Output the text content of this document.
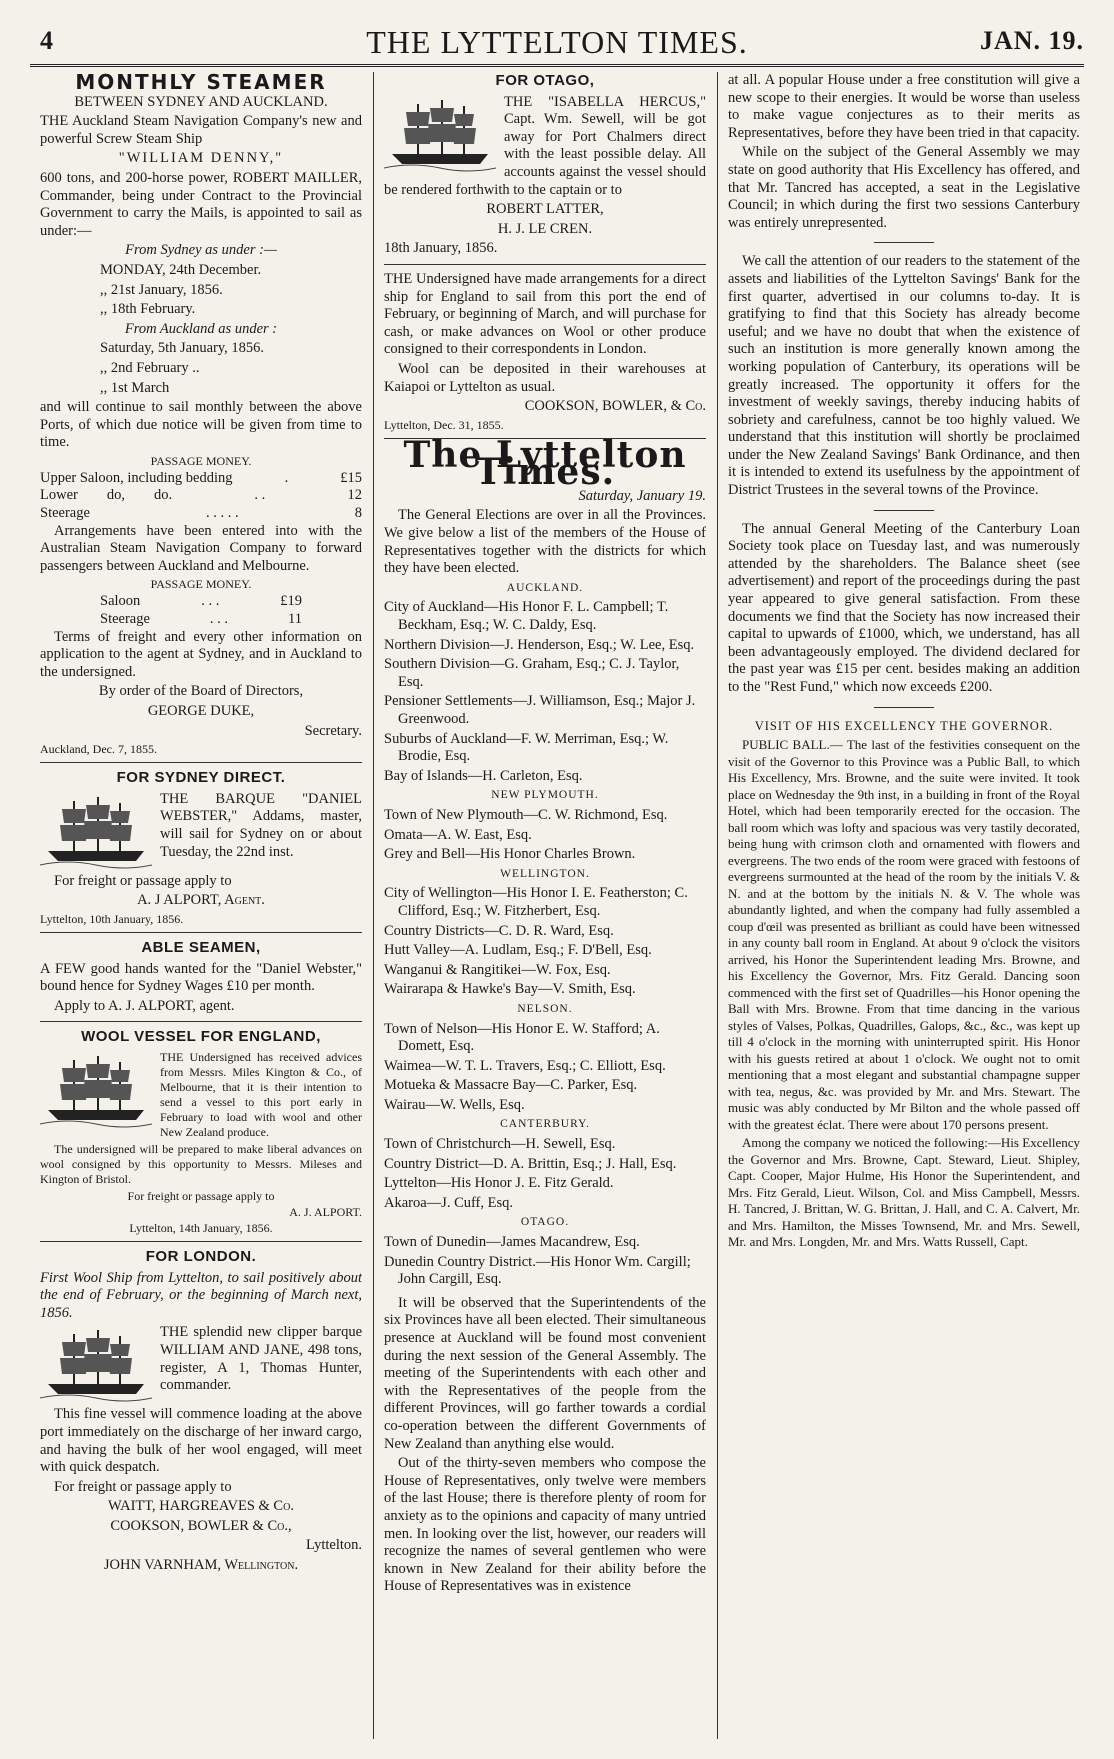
4	THE LYTTELTON TIMES.	JAN. 19.
MONTHLY STEAMER

BETWEEN SYDNEY AND AUCKLAND.

THE Auckland Steam Navigation Company's new and powerful Screw Steam Ship

"WILLIAM DENNY,"

600 tons, and 200-horse power, ROBERT MAILLER, Commander, being under Contract to the Provincial Government to carry the Mails, is appointed to sail as under:—

From Sydney as under :—

MONDAY, 24th December.

,, 21st January, 1856.

,, 18th February.

From Auckland as under :

Saturday, 5th January, 1856.

,, 2nd February ..

,, 1st March

and will continue to sail monthly between the above Ports, of which due notice will be given from time to time.

PASSAGE MONEY.

Upper Saloon, including bedding	.	£15
Lower        do,        do.	. .	12
Steerage	. . . . .	8

Arrangements have been entered into with the Australian Steam Navigation Company to forward passengers between Auckland and Melbourne.

PASSAGE MONEY.

Saloon	. . .	£19
Steerage	. . .	11

Terms of freight and every other information on application to the agent at Sydney, and in Auckland to the undersigned.

By order of the Board of Directors,

GEORGE DUKE,

Secretary.

Auckland, Dec. 7, 1855.

FOR SYDNEY DIRECT.

THE BARQUE "DANIEL WEBSTER," Addams, master, will sail for Sydney on or about Tuesday, the 22nd inst.

For freight or passage apply to

A. J ALPORT, Agent.

Lyttelton, 10th January, 1856.

ABLE SEAMEN,

A FEW good hands wanted for the "Daniel Webster," bound hence for Sydney Wages £10 per month.

Apply to A. J. ALPORT, agent.

WOOL VESSEL FOR ENGLAND,

THE Undersigned has received advices from Messrs. Miles Kington & Co., of Melbourne, that it is their intention to send a vessel to this port early in February to load with wool and other New Zealand produce.

The undersigned will be prepared to make liberal advances on wool consigned by this opportunity to Messrs. Mileses and Kington of Bristol.

For freight or passage apply to

A. J. ALPORT.

Lyttelton, 14th January, 1856.

FOR LONDON.

First Wool Ship from Lyttelton, to sail positively about the end of February, or the beginning of March next, 1856.

THE splendid new clipper barque WILLIAM AND JANE, 498 tons, register, A 1, Thomas Hunter, commander.

This fine vessel will commence loading at the above port immediately on the discharge of her inward cargo, and having the bulk of her wool engaged, will meet with quick despatch.

For freight or passage apply to

WAITT, HARGREAVES & Co.

COOKSON, BOWLER & Co.,

Lyttelton.

JOHN VARNHAM, Wellington.

FOR OTAGO,

THE "ISABELLA HERCUS," Capt. Wm. Sewell, will be got away for Port Chalmers direct with the least possible delay. All accounts against the vessel should be rendered forthwith to the captain or to

ROBERT LATTER,

H. J. LE CREN.

18th January, 1856.

THE Undersigned have made arrangements for a direct ship for England to sail from this port the end of February, or beginning of March, and will purchase for cash, or make advances on Wool or other produce consigned to their correspondents in London.

Wool can be deposited in their warehouses at Kaiapoi or Lyttelton as usual.

COOKSON, BOWLER, & Co.

Lyttelton, Dec. 31, 1855.

The Lyttelton Times.

Saturday, January 19.

The General Elections are over in all the Provinces. We give below a list of the members of the House of Representatives together with the districts for which they have been elected.

AUCKLAND.

City of Auckland—His Honor F. L. Campbell; T. Beckham, Esq.; W. C. Daldy, Esq.

Northern Division—J. Henderson, Esq.; W. Lee, Esq.

Southern Division—G. Graham, Esq.; C. J. Taylor, Esq.

Pensioner Settlements—J. Williamson, Esq.; Major J. Greenwood.

Suburbs of Auckland—F. W. Merriman, Esq.; W. Brodie, Esq.

Bay of Islands—H. Carleton, Esq.

NEW PLYMOUTH.

Town of New Plymouth—C. W. Richmond, Esq.

Omata—A. W. East, Esq.

Grey and Bell—His Honor Charles Brown.

WELLINGTON.

City of Wellington—His Honor I. E. Featherston; C. Clifford, Esq.; W. Fitzherbert, Esq.

Country Districts—C. D. R. Ward, Esq.

Hutt Valley—A. Ludlam, Esq.; F. D'Bell, Esq.

Wanganui & Rangitikei—W. Fox, Esq.

Wairarapa & Hawke's Bay—V. Smith, Esq.

NELSON.

Town of Nelson—His Honor E. W. Stafford; A. Domett, Esq.

Waimea—W. T. L. Travers, Esq.; C. Elliott, Esq.

Motueka & Massacre Bay—C. Parker, Esq.

Wairau—W. Wells, Esq.

CANTERBURY.

Town of Christchurch—H. Sewell, Esq.

Country District—D. A. Brittin, Esq.; J. Hall, Esq.

Lyttelton—His Honor J. E. Fitz Gerald.

Akaroa—J. Cuff, Esq.

OTAGO.

Town of Dunedin—James Macandrew, Esq.

Dunedin Country District.—His Honor Wm. Cargill; John Cargill, Esq.

It will be observed that the Superintendents of the six Provinces have all been elected. Their simultaneous presence at Auckland will be found most convenient during the next session of the General Assembly. The meeting of the Superintendents with each other and with the Representatives of the people from the different Provinces, will go farther towards a cordial co-operation between the different Governments of New Zealand than anything else would.

Out of the thirty-seven members who compose the House of Representatives, only twelve were members of the last House; there is therefore plenty of room for anxiety as to the opinions and capacity of many untried men. In looking over the list, however, our readers will recognize the names of several gentlemen who were known in New Zealand for their ability before the House of Representatives was in existence

at all. A popular House under a free constitution will give a new scope to their energies. It would be worse than useless to make vague conjectures as to their merits as Representatives, before they have been tried in that capacity.

While on the subject of the General Assembly we may state on good authority that His Excellency has offered, and that Mr. Tancred has accepted, a seat in the Legislative Council; in which during the first two sessions Canterbury was entirely unrepresented.

We call the attention of our readers to the statement of the assets and liabilities of the Lyttelton Savings' Bank for the first quarter, advertised in our columns to-day. It is gratifying to find that this Society has already become useful; and we have no doubt that when the existence of such an institution is more generally known among the working population of Canterbury, its operations will be greatly increased. The opportunity it offers for the investment of weekly savings, thereby inducing habits of sobriety and carefulness, cannot be too highly valued. We understand that this institution will shortly be proclaimed under the New Zealand Savings' Bank Ordinance, and then it is intended to extend its usefulness by the appointment of District Trustees in the several towns of the Province.

The annual General Meeting of the Canterbury Loan Society took place on Tuesday last, and was numerously attended by the shareholders. The Balance sheet (see advertisement) and report of the proceedings during the past year appeared to give general satisfaction. From these documents we find that the Society has now increased their capital to upwards of £1000, which, we understand, has all been advantageously employed. The dividend declared for the past year was £15 per cent. besides making an addition to the "Rest Fund," which now exceeds £200.

VISIT OF HIS EXCELLENCY THE GOVERNOR.

PUBLIC BALL.— The last of the festivities consequent on the visit of the Governor to this Province was a Public Ball, to which His Excellency, Mrs. Browne, and the suite were invited. It took place on Wednesday the 9th inst, in a building in front of the Royal Hotel, which had been temporarily erected for the occasion. The ball room which was lofty and spacious was very tastily decorated, being hung with crimson cloth and ornamented with flowers and evergreens. The two ends of the room were graced with festoons of evergreens surmounted at the head of the room by the initials V. & N. and at the bottom by the initials N. & V. The whole was abundantly lighted, and when the company had fully assembled a coup d'œil was presented as brilliant as could have been witnessed in any county ball room in England. At about 9 o'clock the visitors arrived, his Honor the Superintendent leading Mrs. Browne, and his Excellency the Governor, Mrs. Fitz Gerald. Dancing soon commenced with the first set of Quadrilles—his Honor opening the Ball with Mrs. Browne. From that time dancing in the various styles of Valses, Polkas, Quadrilles, Galops, &c., &c., was kept up till 4 o'clock in the morning with uninterrupted spirit. His Honor with his guests retired at about 1 o'clock. We ought not to omit mentioning that a most elegant and substantial champagne supper with tea, negus, &c. was provided by Mr. and Mrs. Stewart. The music was ably conducted by Mr Bilton and the whole passed off with the greatest éclat. There were about 170 persons present.

Among the company we noticed the following:—His Excellency the Governor and Mrs. Browne, Capt. Steward, Lieut. Shipley, Capt. Cooper, Major Hulme, His Honor the Superintendent, and Mrs. Fitz Gerald, Lieut. Wilson, Col. and Miss Campbell, Messrs. H. Tancred, J. Brittan, W. G. Brittan, J. Hall, and C. A. Calvert, Mr. and Mrs. Hamilton, the Misses Townsend, Mr. and Mrs. Sewell, Mr. and Mrs. Longden, Mr. and Mrs. Watts Russell, Capt.
